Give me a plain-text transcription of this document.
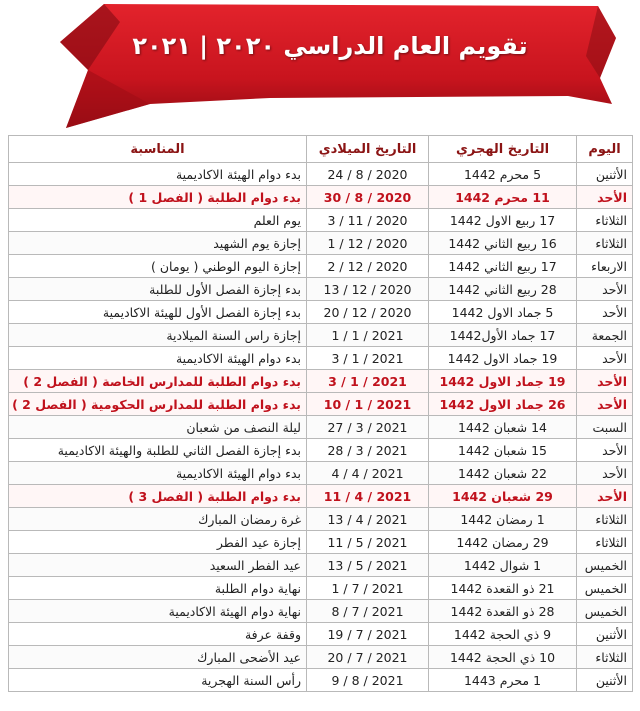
تقويم العام الدراسي ٢٠٢٠ | ٢٠٢١
اليوم	التاريخ الهجري	التاريخ الميلادي	المناسبة
الأثنين	5 محرم 1442	2020 / 8 / 24	بدء دوام الهيئة الاكاديمية
الأحد	11 محرم 1442	2020 / 8 / 30	بدء دوام الطلبة ( الفصل 1 )
الثلاثاء	17 ربيع الاول 1442	2020 / 11 / 3	يوم العلم
الثلاثاء	16 ربيع الثاني 1442	2020 / 12 / 1	إجازة يوم الشهيد
الاربعاء	17 ربيع الثاني 1442	2020 / 12 / 2	إجازة اليوم الوطني ( يومان )
الأحد	28 ربيع الثاني 1442	2020 / 12 / 13	بدء إجازة الفصل الأول للطلبة
الأحد	5 جماد الاول 1442	2020 / 12 / 20	بدء إجازة الفصل الأول للهيئة الاكاديمية
الجمعة	17 جماد الأول1442	2021 / 1 / 1	إجازة راس السنة الميلادية
الأحد	19 جماد الاول 1442	2021 / 1 / 3	بدء دوام الهيئة الاكاديمية
الأحد	19 جماد الاول 1442	2021 / 1 / 3	بدء دوام الطلبة للمدارس الخاصة ( الفصل 2 )
الأحد	26 جماد الاول 1442	2021 / 1 / 10	بدء دوام الطلبة للمدارس الحكومية ( الفصل 2 )
السبت	14 شعبان 1442	2021 / 3 / 27	ليلة النصف من شعبان
الأحد	15 شعبان 1442	2021 / 3 / 28	بدء إجازة الفصل الثاني للطلبة والهيئة الاكاديمية
الأحد	22 شعبان 1442	2021 / 4 / 4	بدء دوام الهيئة الاكاديمية
الأحد	29 شعبان 1442	2021 / 4 / 11	بدء دوام الطلبة ( الفصل 3 )
الثلاثاء	1 رمضان 1442	2021 / 4 / 13	غرة رمضان المبارك
الثلاثاء	29 رمضان 1442	2021 / 5 / 11	إجازة عيد الفطر
الخميس	1 شوال 1442	2021 / 5 / 13	عيد الفطر السعيد
الخميس	21 ذو القعدة 1442	2021 / 7 / 1	نهاية دوام الطلبة
الخميس	28 ذو القعدة 1442	2021 / 7 / 8	نهاية دوام الهيئة الاكاديمية
الأثنين	9 ذي الحجة 1442	2021 / 7 / 19	وقفة عرفة
الثلاثاء	10 ذي الحجة 1442	2021 / 7 / 20	عيد الأضحى المبارك
الأثنين	1 محرم 1443	2021 / 8 / 9	رأس السنة الهجرية
